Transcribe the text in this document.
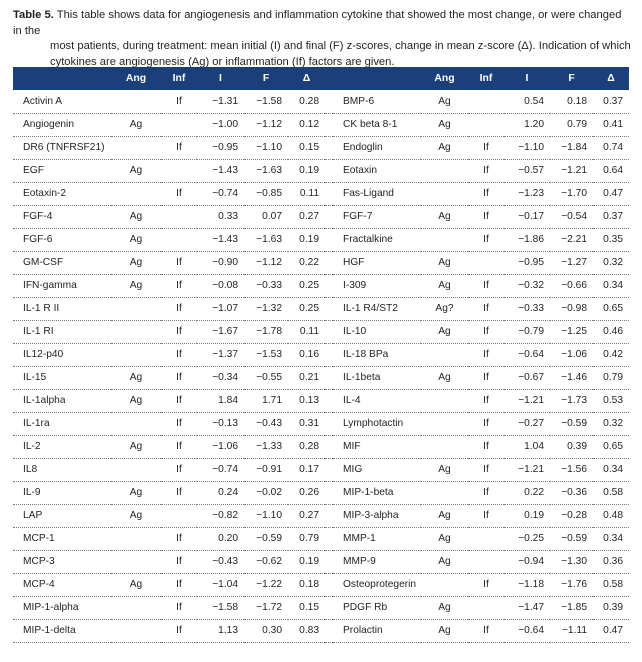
Table 5. This table shows data for angiogenesis and inflammation cytokine that showed the most change, or were changed in the
most patients, during treatment: mean initial (I) and final (F) z-scores, change in mean z-score (Δ). Indication of which
cytokines are angiogenesis (Ag) or inflammation (If) factors are given.
	Ang	Inf	I	F	Δ			Ang	Inf	I	F	Δ
Activin A		If	−1.31	−1.58	0.28		BMP-6	Ag		0.54	0.18	0.37
Angiogenin	Ag		−1.00	−1.12	0.12		CK beta 8-1	Ag		1.20	0.79	0.41
DR6 (TNFRSF21)		If	−0.95	−1.10	0.15		Endoglin	Ag	If	−1.10	−1.84	0.74
EGF	Ag		−1.43	−1.63	0.19		Eotaxin		If	−0.57	−1.21	0.64
Eotaxin-2		If	−0.74	−0.85	0.11		Fas-Ligand		If	−1.23	−1.70	0.47
FGF-4	Ag		0.33	0.07	0.27		FGF-7	Ag	If	−0.17	−0.54	0.37
FGF-6	Ag		−1.43	−1.63	0.19		Fractalkine		If	−1.86	−2.21	0.35
GM-CSF	Ag	If	−0.90	−1.12	0.22		HGF	Ag		−0.95	−1.27	0.32
IFN-gamma	Ag	If	−0.08	−0.33	0.25		I-309	Ag	If	−0.32	−0.66	0.34
IL-1 R II		If	−1.07	−1.32	0.25		IL-1 R4/ST2	Ag?	If	−0.33	−0.98	0.65
IL-1 RI		If	−1.67	−1.78	0.11		IL-10	Ag	If	−0.79	−1.25	0.46
IL12-p40		If	−1.37	−1.53	0.16		IL-18 BPa		If	−0.64	−1.06	0.42
IL-15	Ag	If	−0.34	−0.55	0.21		IL-1beta	Ag	If	−0.67	−1.46	0.79
IL-1alpha	Ag	If	1.84	1.71	0.13		IL-4		If	−1.21	−1.73	0.53
IL-1ra		If	−0.13	−0.43	0.31		Lymphotactin		If	−0.27	−0.59	0.32
IL-2	Ag	If	−1.06	−1.33	0.28		MIF		If	1.04	0.39	0.65
IL8		If	−0.74	−0.91	0.17		MIG	Ag	If	−1.21	−1.56	0.34
IL-9	Ag	If	0.24	−0.02	0.26		MIP-1-beta		If	0.22	−0.36	0.58
LAP	Ag		−0.82	−1.10	0.27		MIP-3-alpha	Ag	If	0.19	−0.28	0.48
MCP-1		If	0.20	−0.59	0.79		MMP-1	Ag		−0.25	−0.59	0.34
MCP-3		If	−0.43	−0.62	0.19		MMP-9	Ag		−0.94	−1.30	0.36
MCP-4	Ag	If	−1.04	−1.22	0.18		Osteoprotegerin		If	−1.18	−1.76	0.58
MIP-1-alpha		If	−1.58	−1.72	0.15		PDGF Rb	Ag		−1.47	−1.85	0.39
MIP-1-delta		If	1.13	0.30	0.83		Prolactin	Ag	If	−0.64	−1.11	0.47
